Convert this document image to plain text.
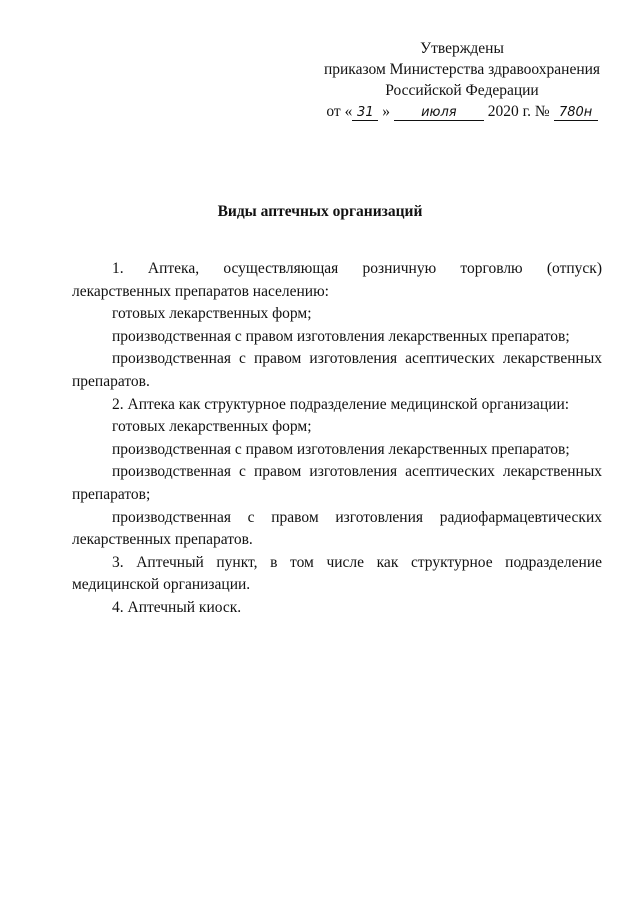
Утверждены
приказом Министерства здравоохранения
Российской Федерации
от « 31 » июля 2020 г. № 780н
Виды аптечных организаций

1. Аптека, осуществляющая розничную торговлю (отпуск) лекарственных препаратов населению:

готовых лекарственных форм;

производственная с правом изготовления лекарственных препаратов;

производственная с правом изготовления асептических лекарственных препаратов.

2. Аптека как структурное подразделение медицинской организации:

готовых лекарственных форм;

производственная с правом изготовления лекарственных препаратов;

производственная с правом изготовления асептических лекарственных препаратов;

производственная с правом изготовления радиофармацевтических лекарственных препаратов.

3. Аптечный пункт, в том числе как структурное подразделение медицинской организации.

4. Аптечный киоск.
